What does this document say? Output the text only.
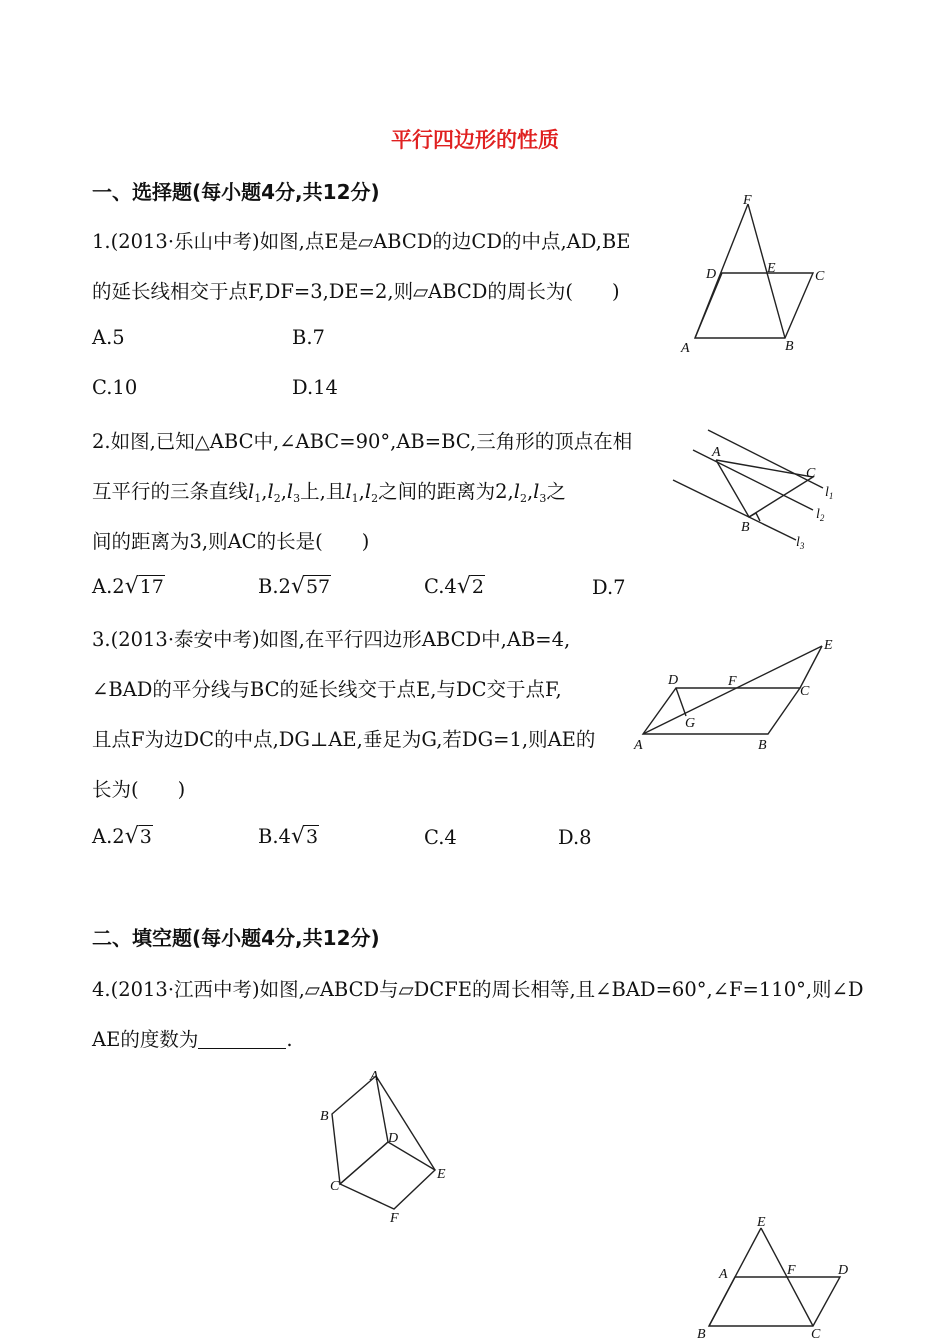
平行四边形的性质
一、选择题(每小题4分,共12分)
1.(2013·乐山中考)如图,点E是▱ABCD的边CD的中点,AD,BE
的延长线相交于点F,DF=3,DE=2,则▱ABCD的周长为(　　)
A.5	B.7
C.10	D.14
F
D	E
C
A	B
2.如图,已知△ABC中,∠ABC=90°,AB=BC,三角形的顶点在相
互平行的三条直线$l_1,l_2,l_3$上,且$l_1,l_2$之间的距离为$2,l_2,l_3$之
间的距离为3,则AC的长是(　　)
A.2√17	B.2√57	C.4√2	D.7
A
C
B
$l_1$
$l_2$
$l_3$
3.(2013·泰安中考)如图,在平行四边形ABCD中,AB=4,
∠BAD的平分线与BC的延长线交于点E,与DC交于点F,
且点F为边DC的中点,DG⊥AE,垂足为G,若DG=1,则AE的
长为(　　)
A.2√3	B.4√3	C.4	D.8
D	F
C
E
G
A	B
二、填空题(每小题4分,共12分)
4.(2013·江西中考)如图,▱ABCD与▱DCFE的周长相等,且∠BAD=60°,∠F=110°,则∠D
AE的度数为	.
A
B
C
D
E
F	E
A	F	D
B	C
